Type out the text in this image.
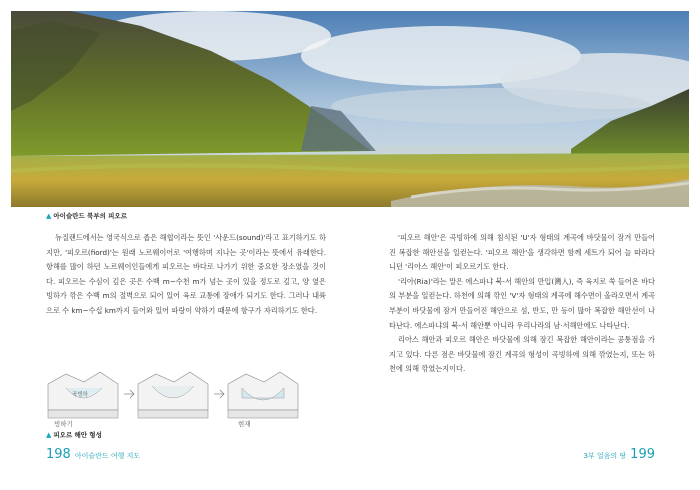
▲ 아이슬란드 북부의 피오르

뉴질랜드에서는 영국식으로 좁은 해협이라는 뜻인 '사운드(sound)'라고 표기하기도 하지만, '피오르(fiord)'는 원래 노르웨이어로 '여행하며 지나는 곳'이라는 뜻에서 유래한다. 항해를 많이 하던 노르웨이인들에게 피오르는 바다로 나가기 위한 중요한 장소였을 것이다. 피오르는 수심이 깊은 곳은 수백 m~수천 m가 넘는 곳이 있을 정도로 깊고, 양 옆은 빙하가 깎은 수백 m의 절벽으로 되어 있어 육로 교통에 장애가 되기도 한다. 그러나 내륙으로 수 km~수십 km까지 들어와 있어 파랑이 약하기 때문에 항구가 자리하기도 한다.

곡빙하
빙하기	현재
▲ 피오르 해안 형성

'피오르 해안'은 곡빙하에 의해 침식된 'U'자 형태의 계곡에 바닷물이 잠겨 만들어진 복잡한 해안선을 일컫는다. '피오르 해안'을 생각하면 함께 세트가 되어 늘 따라다니던 '리아스 해안'이 피오르기도 한다.

'리아(Ria)'라는 말은 에스파냐 북-서 해안의 만입(灣入), 즉 육지로 쑥 들어온 바다의 부분을 일컫는다. 하천에 의해 깎인 'V'자 형태의 계곡에 해수면이 올라오면서 계곡 부분이 바닷물에 잠겨 만들어진 해안으로 섬, 반도, 만 등이 많아 복잡한 해안선이 나타난다. 에스파냐의 북-서 해안뿐 아니라 우리나라의 남·서해안에도 나타난다.

리아스 해안과 피오르 해안은 바닷물에 의해 잠긴 복잡한 해안이라는 공통점을 가지고 있다. 다른 점은 바닷물에 잠긴 계곡의 형성이 곡빙하에 의해 깎였는지, 또는 하천에 의해 깎였는지이다.

198 아이슬란드 여행 지도	3부 얼음의 땅 199
